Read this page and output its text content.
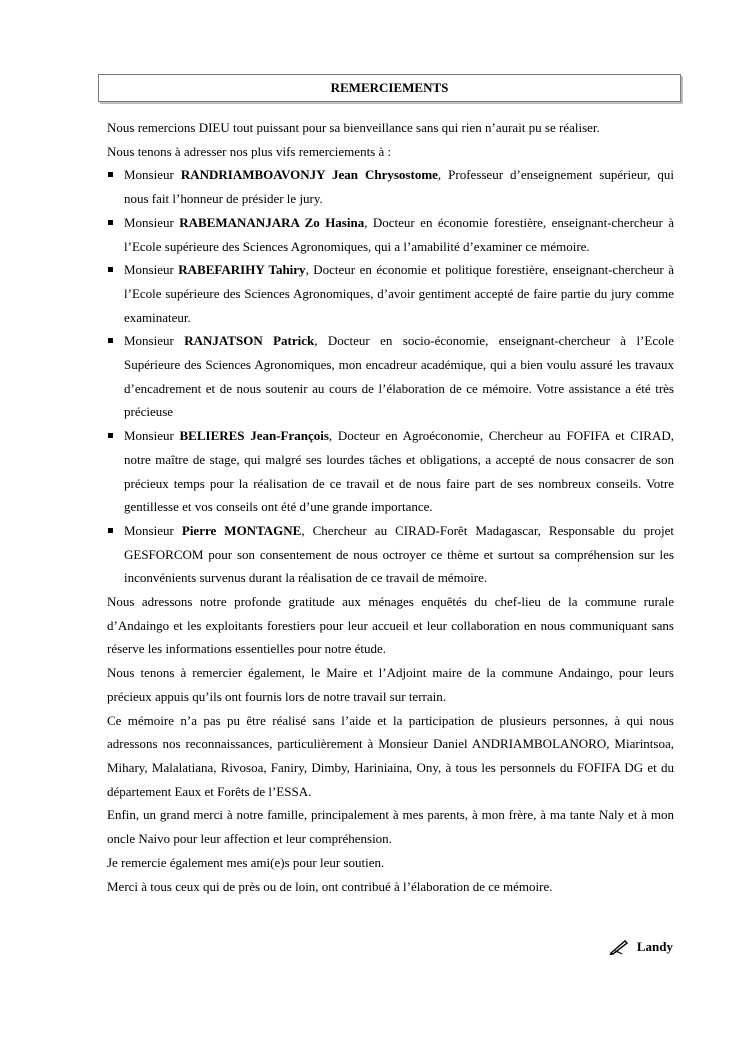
REMERCIEMENTS

Nous remercions DIEU tout puissant pour sa bienveillance sans qui rien n’aurait pu se réaliser.

Nous tenons à adresser nos plus vifs remerciements à :

Monsieur RANDRIAMBOAVONJY Jean Chrysostome, Professeur d’enseignement supérieur, qui nous fait l’honneur de présider le jury.
Monsieur RABEMANANJARA Zo Hasina, Docteur en économie forestière, enseignant-chercheur à l’Ecole supérieure des Sciences Agronomiques, qui a l’amabilité d’examiner ce mémoire.
Monsieur RABEFARIHY Tahiry, Docteur en économie et politique forestière, enseignant-chercheur à l’Ecole supérieure des Sciences Agronomiques, d’avoir gentiment accepté de faire partie du jury comme examinateur.
Monsieur RANJATSON Patrick, Docteur en socio-économie, enseignant-chercheur à l’Ecole Supérieure des Sciences Agronomiques, mon encadreur académique, qui a bien voulu assuré les travaux d’encadrement et de nous soutenir au cours de l’élaboration de ce mémoire. Votre assistance a été très précieuse
Monsieur BELIERES Jean-François, Docteur en Agroéconomie, Chercheur au FOFIFA et CIRAD, notre maître de stage, qui malgré ses lourdes tâches et obligations, a accepté de nous consacrer de son précieux temps pour la réalisation de ce travail et de nous faire part de ses nombreux conseils. Votre gentillesse et vos conseils ont été d’une grande importance.
Monsieur Pierre MONTAGNE, Chercheur au CIRAD-Forêt Madagascar, Responsable du projet GESFORCOM pour son consentement de nous octroyer ce thème et surtout sa compréhension sur les inconvénients survenus durant la réalisation de ce travail de mémoire.

Nous adressons notre profonde gratitude aux ménages enquêtés du chef-lieu de la commune rurale d’Andaingo et les exploitants forestiers pour leur accueil et leur collaboration en nous communiquant sans réserve les informations essentielles pour notre étude.

Nous tenons à remercier également, le Maire et l’Adjoint maire de la commune Andaingo, pour leurs précieux appuis qu’ils ont fournis lors de notre travail sur terrain.

Ce mémoire n’a pas pu être réalisé sans l’aide et la participation de plusieurs personnes, à qui nous adressons nos reconnaissances, particulièrement à Monsieur Daniel ANDRIAMBOLANORO, Miarintsoa, Mihary, Malalatiana, Rivosoa, Faniry, Dimby, Hariniaina, Ony, à tous les personnels du FOFIFA DG et du département Eaux et Forêts de l’ESSA.

Enfin, un grand merci à notre famille, principalement à mes parents, à mon frère, à ma tante Naly et à mon oncle Naivo pour leur affection et leur compréhension.

Je remercie également mes ami(e)s pour leur soutien.

Merci à tous ceux qui de près ou de loin, ont contribué à l’élaboration de ce mémoire.

Landy
